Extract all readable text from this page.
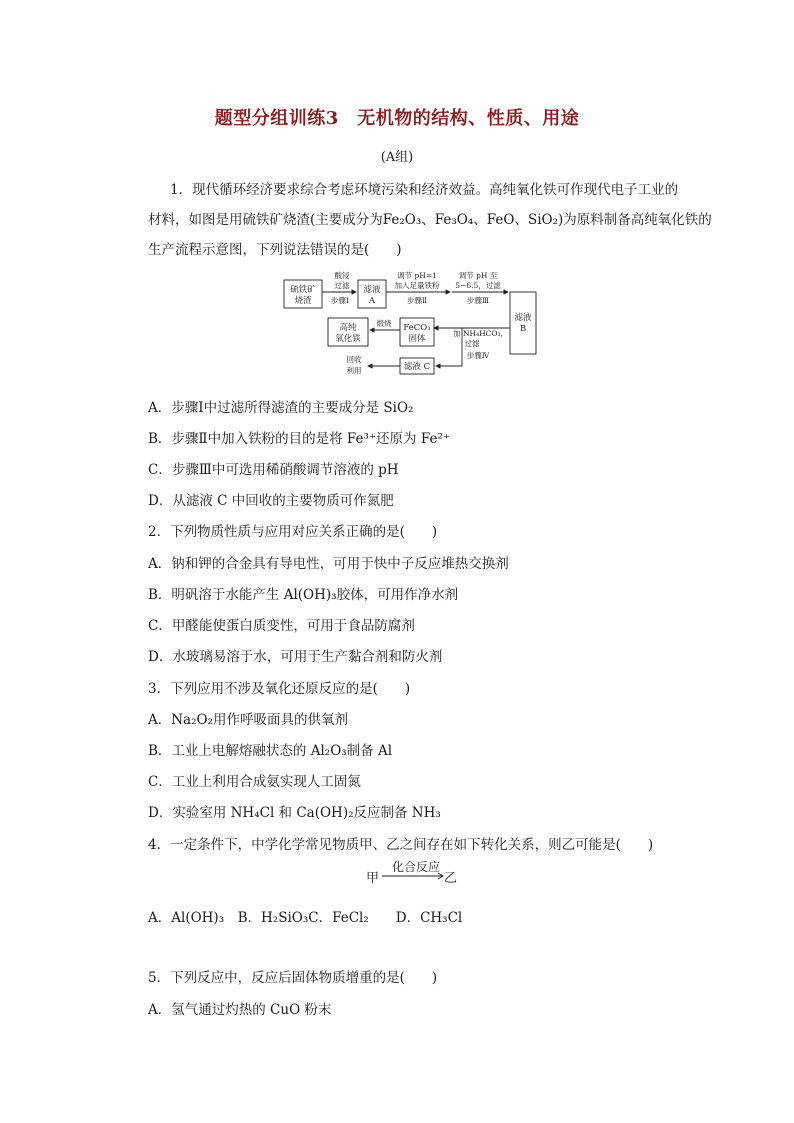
题型分组训练3　无机物的结构、性质、用途
(A组)
1．现代循环经济要求综合考虑环境污染和经济效益。高纯氧化铁可作现代电子工业的
材料，如图是用硫铁矿烧渣(主要成分为Fe₂O₃、Fe₃O₄、FeO、SiO₂)为原料制备高纯氧化铁的
生产流程示意图，下列说法错误的是(　　)
硫铁矿
烧渣
酸浸
过滤
步骤Ⅰ
滤液
A
调节 pH=1
加入足量铁粉
步骤Ⅱ
调节 pH 至
5~6.5，过滤
步骤Ⅲ
滤液
B
加 NH₄HCO₃,
过滤
FeCO₃
固体
煅烧
高纯
氧化铁
步骤Ⅳ
滤液 C
回收
利用
A．步骤Ⅰ中过滤所得滤渣的主要成分是 SiO₂
B．步骤Ⅱ中加入铁粉的目的是将 Fe³⁺还原为 Fe²⁺
C．步骤Ⅲ中可选用稀硝酸调节溶液的 pH
D．从滤液 C 中回收的主要物质可作氮肥
2．下列物质性质与应用对应关系正确的是(　　)
A．钠和钾的合金具有导电性，可用于快中子反应堆热交换剂
B．明矾溶于水能产生 Al(OH)₃胶体，可用作净水剂
C．甲醛能使蛋白质变性，可用于食品防腐剂
D．水玻璃易溶于水，可用于生产黏合剂和防火剂
3．下列应用不涉及氧化还原反应的是(　　)
A．Na₂O₂用作呼吸面具的供氧剂
B．工业上电解熔融状态的 Al₂O₃制备 Al
C．工业上利用合成氨实现人工固氮
D．实验室用 NH₄Cl 和 Ca(OH)₂反应制备 NH₃
4．一定条件下，中学化学常见物质甲、乙之间存在如下转化关系，则乙可能是(　　)
甲
化合反应
乙
A．Al(OH)₃　B．H₂SiO₃C．FeCl₂　　D．CH₃Cl
5．下列反应中，反应后固体物质增重的是(　　)
A．氢气通过灼热的 CuO 粉末
